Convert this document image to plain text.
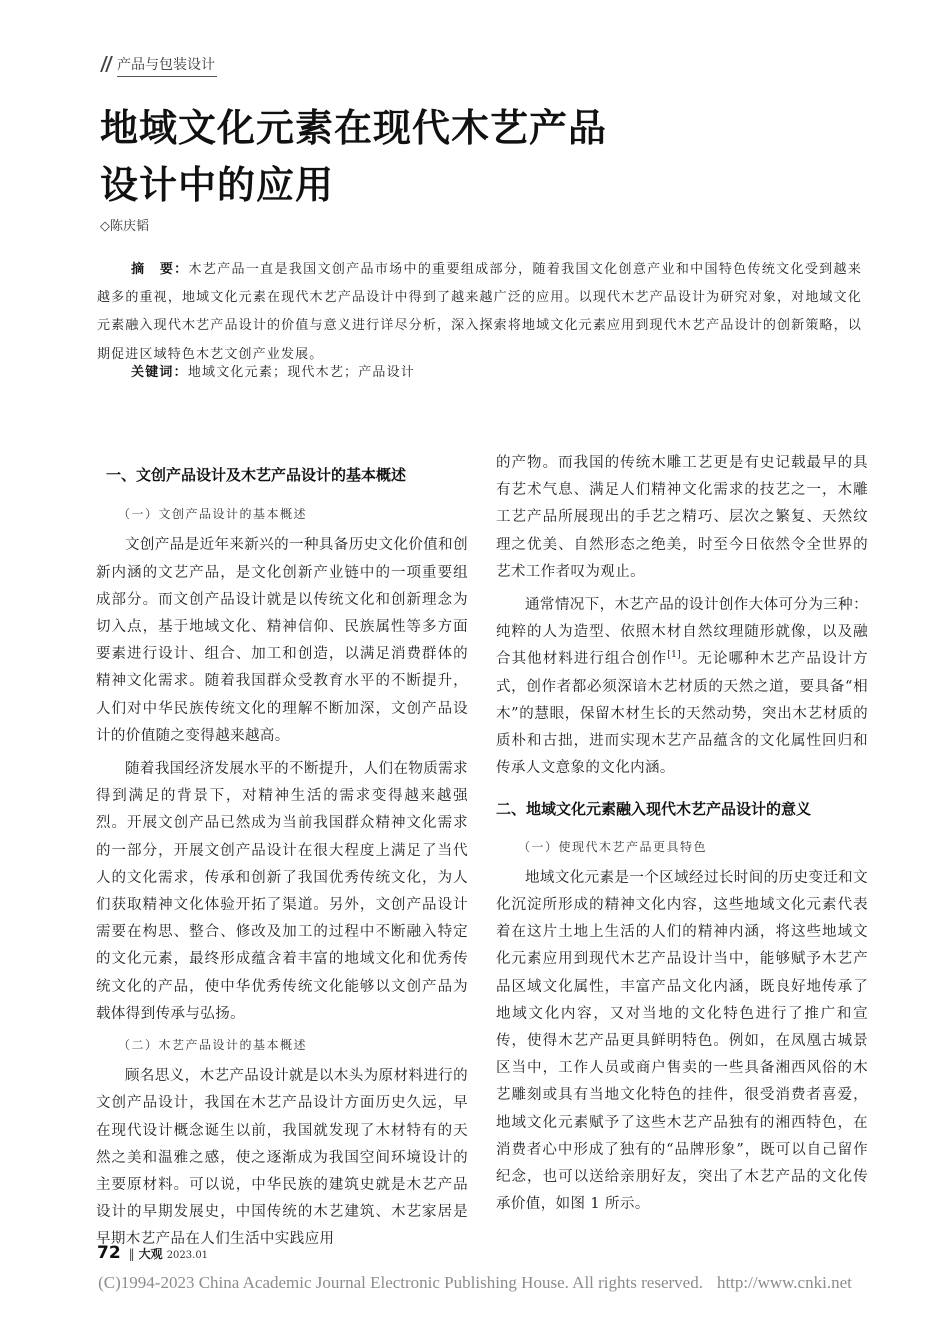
产品与包装设计
地域文化元素在现代木艺产品
设计中的应用
◇陈庆韬
摘　要：木艺产品一直是我国文创产品市场中的重要组成部分，随着我国文化创意产业和中国特色传统文化受到越来越多的重视，地域文化元素在现代木艺产品设计中得到了越来越广泛的应用。以现代木艺产品设计为研究对象，对地域文化元素融入现代木艺产品设计的价值与意义进行详尽分析，深入探索将地域文化元素应用到现代木艺产品设计的创新策略，以期促进区域特色木艺文创产业发展。
关键词：地域文化元素；现代木艺；产品设计
一、文创产品设计及木艺产品设计的基本概述
（一）文创产品设计的基本概述

文创产品是近年来新兴的一种具备历史文化价值和创新内涵的文艺产品，是文化创新产业链中的一项重要组成部分。而文创产品设计就是以传统文化和创新理念为切入点，基于地域文化、精神信仰、民族属性等多方面要素进行设计、组合、加工和创造，以满足消费群体的精神文化需求。随着我国群众受教育水平的不断提升，人们对中华民族传统文化的理解不断加深，文创产品设计的价值随之变得越来越高。

随着我国经济发展水平的不断提升，人们在物质需求得到满足的背景下，对精神生活的需求变得越来越强烈。开展文创产品已然成为当前我国群众精神文化需求的一部分，开展文创产品设计在很大程度上满足了当代人的文化需求，传承和创新了我国优秀传统文化，为人们获取精神文化体验开拓了渠道。另外，文创产品设计需要在构思、整合、修改及加工的过程中不断融入特定的文化元素，最终形成蕴含着丰富的地域文化和优秀传统文化的产品，使中华优秀传统文化能够以文创产品为载体得到传承与弘扬。

（二）木艺产品设计的基本概述

顾名思义，木艺产品设计就是以木头为原材料进行的文创产品设计，我国在木艺产品设计方面历史久远，早在现代设计概念诞生以前，我国就发现了木材特有的天然之美和温雅之感，使之逐渐成为我国空间环境设计的主要原材料。可以说，中华民族的建筑史就是木艺产品设计的早期发展史，中国传统的木艺建筑、木艺家居是早期木艺产品在人们生活中实践应用

的产物。而我国的传统木雕工艺更是有史记载最早的具有艺术气息、满足人们精神文化需求的技艺之一，木雕工艺产品所展现出的手艺之精巧、层次之繁复、天然纹理之优美、自然形态之绝美，时至今日依然令全世界的艺术工作者叹为观止。

通常情况下，木艺产品的设计创作大体可分为三种：纯粹的人为造型、依照木材自然纹理随形就像，以及融合其他材料进行组合创作[1]。无论哪种木艺产品设计方式，创作者都必须深谙木艺材质的天然之道，要具备“相木”的慧眼，保留木材生长的天然动势，突出木艺材质的质朴和古拙，进而实现木艺产品蕴含的文化属性回归和传承人文意象的文化内涵。

二、地域文化元素融入现代木艺产品设计的意义
（一）使现代木艺产品更具特色

地域文化元素是一个区域经过长时间的历史变迁和文化沉淀所形成的精神文化内容，这些地域文化元素代表着在这片土地上生活的人们的精神内涵，将这些地域文化元素应用到现代木艺产品设计当中，能够赋予木艺产品区域文化属性，丰富产品文化内涵，既良好地传承了地域文化内容，又对当地的文化特色进行了推广和宣传，使得木艺产品更具鲜明特色。例如，在凤凰古城景区当中，工作人员或商户售卖的一些具备湘西风俗的木艺雕刻或具有当地文化特色的挂件，很受消费者喜爱，地域文化元素赋予了这些木艺产品独有的湘西特色，在消费者心中形成了独有的“品牌形象”，既可以自己留作纪念，也可以送给亲朋好友，突出了木艺产品的文化传承价值，如图 1 所示。

72 ‖ 大观 2023.01
(C)1994-2023 China Academic Journal Electronic Publishing House. All rights reserved. http://www.cnki.net
